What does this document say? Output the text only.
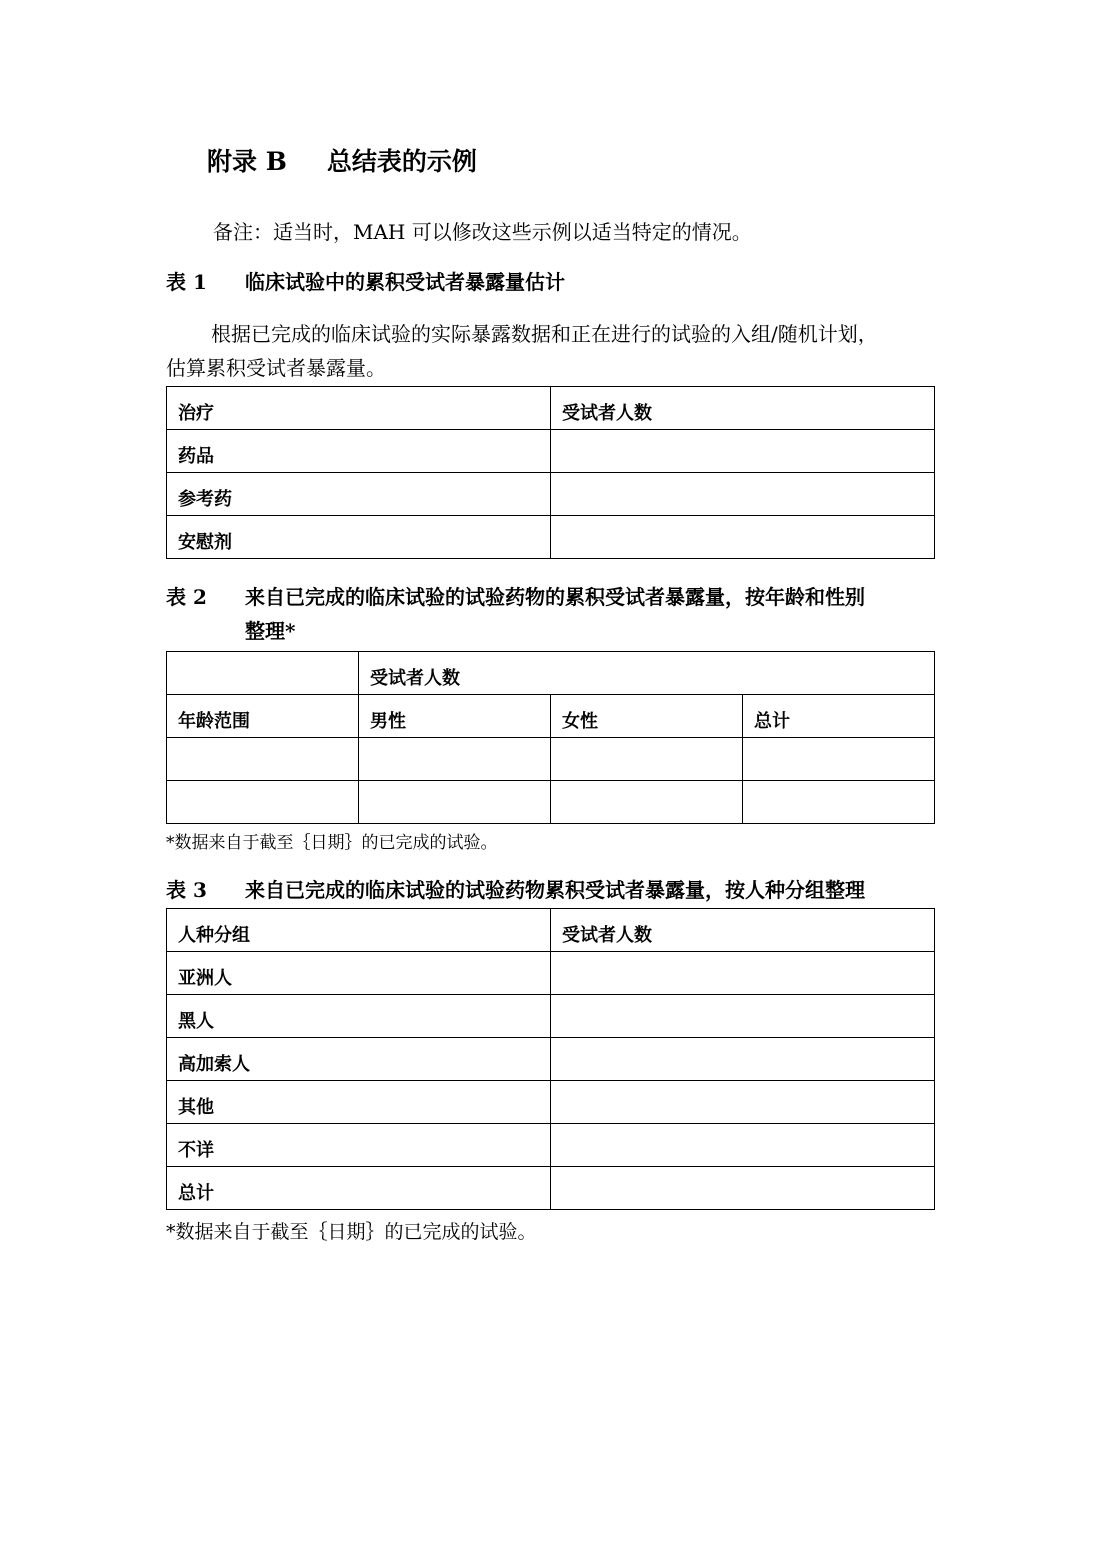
附录 B 总结表的示例
备注：适当时，MAH 可以修改这些示例以适当特定的情况。
表 1 临床试验中的累积受试者暴露量估计
根据已完成的临床试验的实际暴露数据和正在进行的试验的入组/随机计划，
估算累积受试者暴露量。
治疗	受试者人数
药品	
参考药	
安慰剂	
表 2 来自已完成的临床试验的试验药物的累积受试者暴露量，按年龄和性别
整理*
	受试者人数		
年龄范围	男性	女性	总计

*数据来自于截至｛日期｝的已完成的试验。
表 3 来自已完成的临床试验的试验药物累积受试者暴露量，按人种分组整理
人种分组	受试者人数
亚洲人	
黑人	
高加索人	
其他	
不详	
总计	
*数据来自于截至｛日期｝的已完成的试验。
